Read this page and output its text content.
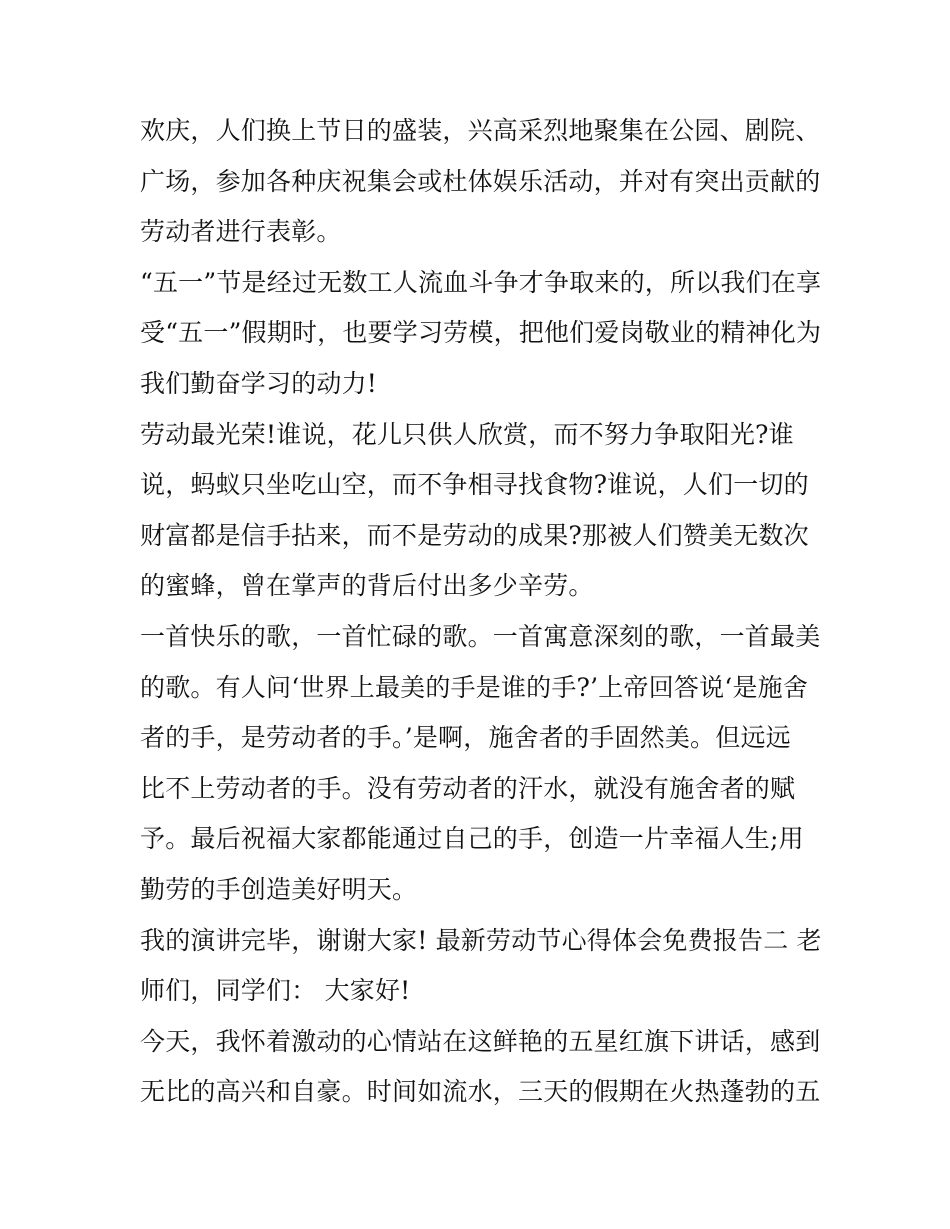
欢庆，人们换上节日的盛装，兴高采烈地聚集在公园、剧院、
广场，参加各种庆祝集会或杜体娱乐活动，并对有突出贡献的
劳动者进行表彰。

“五一”节是经过无数工人流血斗争才争取来的，所以我们在享
受“五一”假期时，也要学习劳模，把他们爱岗敬业的精神化为
我们勤奋学习的动力!

劳动最光荣!谁说，花儿只供人欣赏，而不努力争取阳光?谁
说，蚂蚁只坐吃山空，而不争相寻找食物?谁说，人们一切的
财富都是信手拈来，而不是劳动的成果?那被人们赞美无数次
的蜜蜂，曾在掌声的背后付出多少辛劳。

一首快乐的歌，一首忙碌的歌。一首寓意深刻的歌，一首最美
的歌。有人问‘世界上最美的手是谁的手?’上帝回答说‘是施舍
者的手，是劳动者的手。’是啊，施舍者的手固然美。但远远
比不上劳动者的手。没有劳动者的汗水，就没有施舍者的赋
予。最后祝福大家都能通过自己的手，创造一片幸福人生;用
勤劳的手创造美好明天。

我的演讲完毕，谢谢大家! 最新劳动节心得体会免费报告二 老
师们，同学们： 大家好!

今天，我怀着激动的心情站在这鲜艳的五星红旗下讲话，感到
无比的高兴和自豪。时间如流水，三天的假期在火热蓬勃的五
